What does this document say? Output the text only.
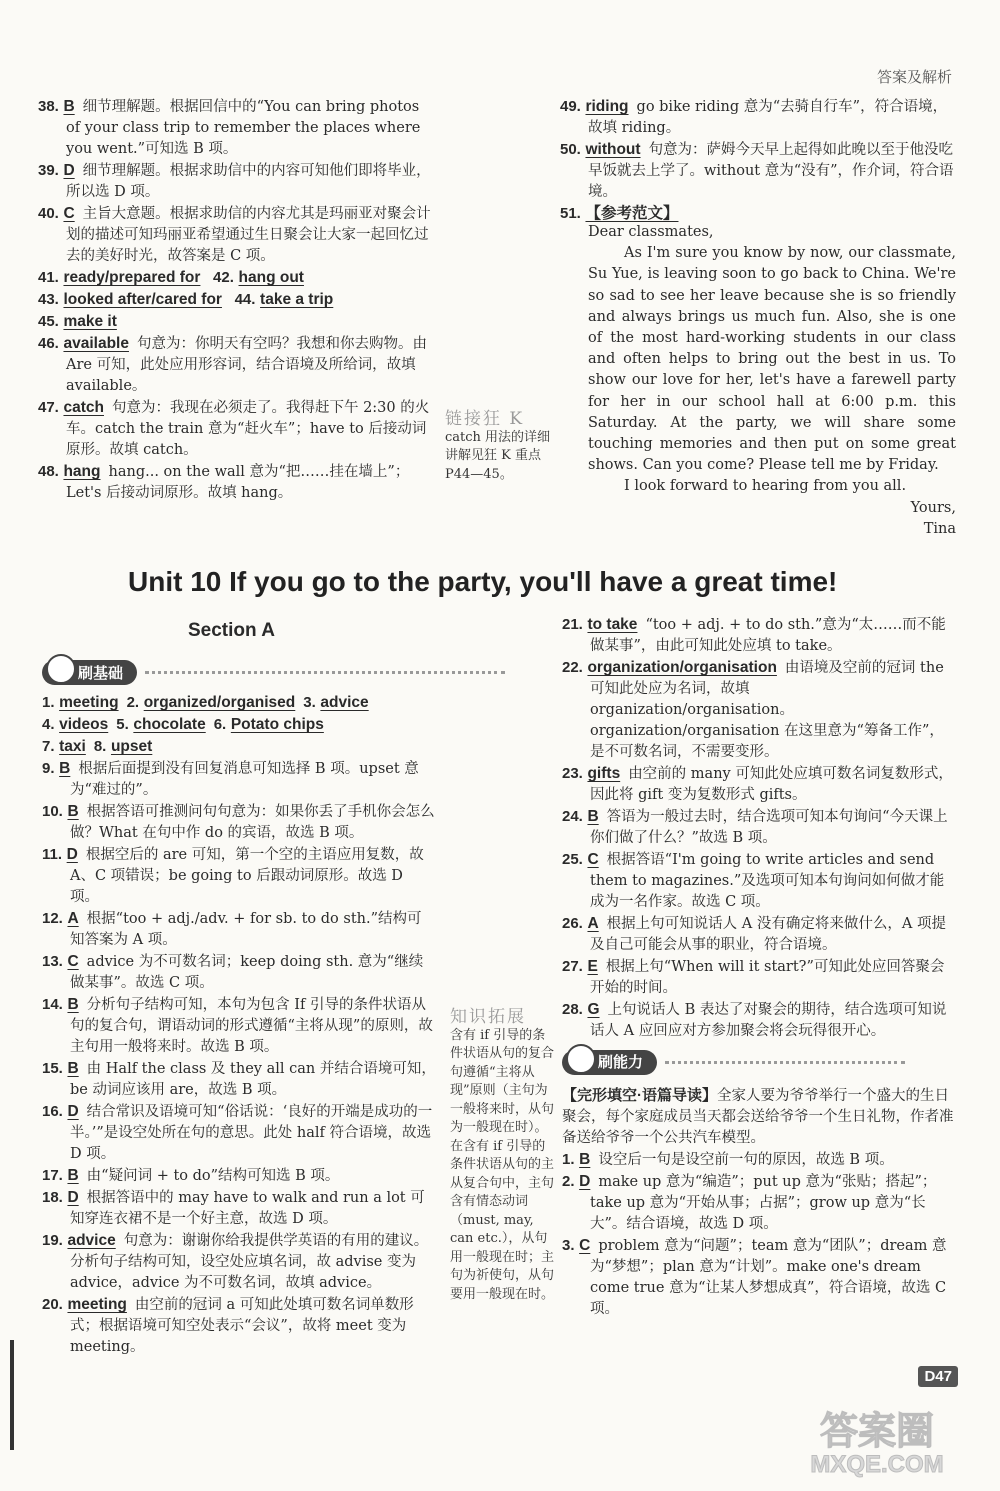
答案及解析
38. B 细节理解题。根据回信中的“You can bring photos of your class trip to remember the places where you went.”可知选 B 项。
39. D 细节理解题。根据求助信中的内容可知他们即将毕业，所以选 D 项。
40. C 主旨大意题。根据求助信的内容尤其是玛丽亚对聚会计划的描述可知玛丽亚希望通过生日聚会让大家一起回忆过去的美好时光，故答案是 C 项。
41. ready/prepared for 42. hang out
43. looked after/cared for 44. take a trip
45. make it
46. available 句意为：你明天有空吗？我想和你去购物。由 Are 可知，此处应用形容词，结合语境及所给词，故填 available。
47. catch 句意为：我现在必须走了。我得赶下午 2:30 的火车。catch the train 意为“赶火车”；have to 后接动词原形。故填 catch。
48. hang hang... on the wall 意为“把……挂在墙上”；Let's 后接动词原形。故填 hang。
链接狂 K
catch 用法的详细讲解见狂 K 重点 P44—45。
49. riding go bike riding 意为“去骑自行车”，符合语境，故填 riding。
50. without 句意为：萨姆今天早上起得如此晚以至于他没吃早饭就去上学了。without 意为“没有”，作介词，符合语境。
51. 【参考范文】

Dear classmates,

As I'm sure you know by now, our classmate, Su Yue, is leaving soon to go back to China. We're so sad to see her leave because she is so friendly and always brings us much fun. Also, she is one of the most hard-working students in our class and often helps to bring out the best in us. To show our love for her, let's have a farewell party for her in our school hall at 6:00 p.m. this Saturday. At the party, we will share some touching memories and then put on some great shows. Can you come? Please tell me by Friday.

I look forward to hearing from you all.

Yours,

Tina

Unit 10 If you go to the party, you'll have a great time!
Section A
刷基础
1. meeting 2. organized/organised 3. advice
4. videos 5. chocolate 6. Potato chips
7. taxi 8. upset
9. B 根据后面提到没有回复消息可知选择 B 项。upset 意为“难过的”。
10. B 根据答语可推测问句句意为：如果你丢了手机你会怎么做？What 在句中作 do 的宾语，故选 B 项。
11. D 根据空后的 are 可知，第一个空的主语应用复数，故 A、C 项错误；be going to 后跟动词原形。故选 D 项。
12. A 根据“too + adj./adv. + for sb. to do sth.”结构可知答案为 A 项。
13. C advice 为不可数名词；keep doing sth. 意为“继续做某事”。故选 C 项。
14. B 分析句子结构可知，本句为包含 If 引导的条件状语从句的复合句，谓语动词的形式遵循“主将从现”的原则，故主句用一般将来时。故选 B 项。
15. B 由 Half the class 及 they all can 并结合语境可知，be 动词应该用 are，故选 B 项。
16. D 结合常识及语境可知“俗话说：‘良好的开端是成功的一半。’”是设空处所在句的意思。此处 half 符合语境，故选 D 项。
17. B 由“疑问词 + to do”结构可知选 B 项。
18. D 根据答语中的 may have to walk and run a lot 可知穿连衣裙不是一个好主意，故选 D 项。
19. advice 句意为：谢谢你给我提供学英语的有用的建议。分析句子结构可知，设空处应填名词，故 advise 变为 advice，advice 为不可数名词，故填 advice。
20. meeting 由空前的冠词 a 可知此处填可数名词单数形式；根据语境可知空处表示“会议”，故将 meet 变为 meeting。
知识拓展
含有 if 引导的条件状语从句的复合句遵循“主将从现”原则（主句为一般将来时，从句为一般现在时）。在含有 if 引导的条件状语从句的主从复合句中，主句含有情态动词（must, may, can etc.），从句用一般现在时；主句为祈使句，从句要用一般现在时。
21. to take “too + adj. + to do sth.”意为“太……而不能做某事”，由此可知此处应填 to take。
22. organization/organisation 由语境及空前的冠词 the 可知此处应为名词，故填 organization/organisation。organization/organisation 在这里意为“筹备工作”，是不可数名词，不需要变形。
23. gifts 由空前的 many 可知此处应填可数名词复数形式，因此将 gift 变为复数形式 gifts。
24. B 答语为一般过去时，结合选项可知本句询问“今天课上你们做了什么？”故选 B 项。
25. C 根据答语“I'm going to write articles and send them to magazines.”及选项可知本句询问如何做才能成为一名作家。故选 C 项。
26. A 根据上句可知说话人 A 没有确定将来做什么，A 项提及自己可能会从事的职业，符合语境。
27. E 根据上句“When will it start?”可知此处应回答聚会开始的时间。
28. G 上句说话人 B 表达了对聚会的期待，结合选项可知说话人 A 应回应对方参加聚会将会玩得很开心。
刷能力
【完形填空·语篇导读】全家人要为爷爷举行一个盛大的生日聚会，每个家庭成员当天都会送给爷爷一个生日礼物，作者准备送给爷爷一个公共汽车模型。
1. B 设空后一句是设空前一句的原因，故选 B 项。
2. D make up 意为“编造”；put up 意为“张贴；搭起”；take up 意为“开始从事；占据”；grow up 意为“长大”。结合语境，故选 D 项。
3. C problem 意为“问题”；team 意为“团队”；dream 意为“梦想”；plan 意为“计划”。make one's dream come true 意为“让某人梦想成真”，符合语境，故选 C 项。
D47
答案圈
MXQE.COM
